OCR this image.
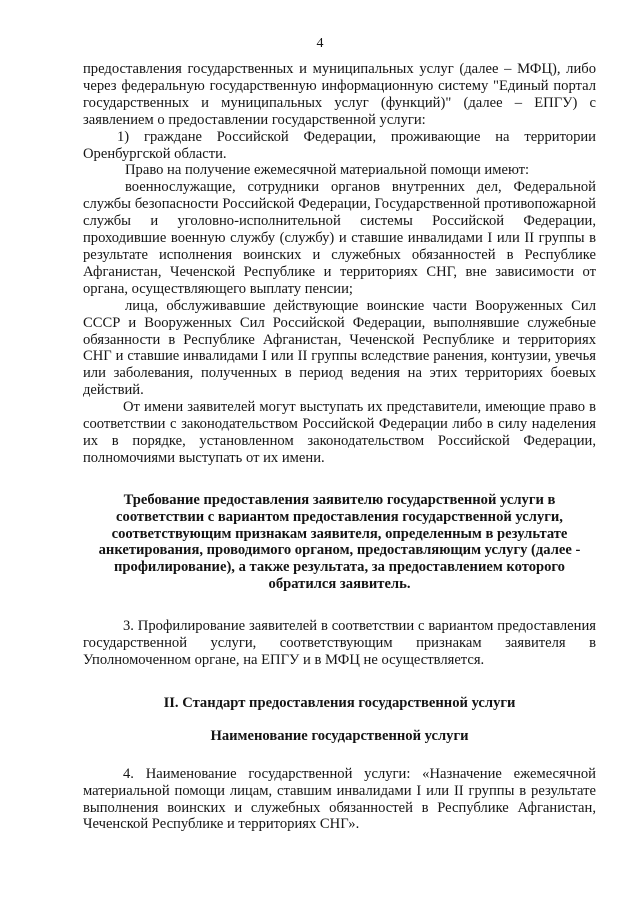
4

предоставления государственных и муниципальных услуг (далее – МФЦ), либо через федеральную государственную информационную систему "Единый портал государственных и муниципальных услуг (функций)" (далее – ЕПГУ) с заявлением о предоставлении государственной услуги:

1) граждане Российской Федерации, проживающие на территории Оренбургской области.

Право на получение ежемесячной материальной помощи имеют:

военнослужащие, сотрудники органов внутренних дел, Федеральной службы безопасности Российской Федерации, Государственной противопожарной службы и уголовно-исполнительной системы Российской Федерации, проходившие военную службу (службу) и ставшие инвалидами I или II группы в результате исполнения воинских и служебных обязанностей в Республике Афганистан, Чеченской Республике и территориях СНГ, вне зависимости от органа, осуществляющего выплату пенсии;

лица, обслуживавшие действующие воинские части Вооруженных Сил СССР и Вооруженных Сил Российской Федерации, выполнявшие служебные обязанности в Республике Афганистан, Чеченской Республике и территориях СНГ и ставшие инвалидами I или II группы вследствие ранения, контузии, увечья или заболевания, полученных в период ведения на этих территориях боевых действий.

От имени заявителей могут выступать их представители, имеющие право в соответствии с законодательством Российской Федерации либо в силу наделения их в порядке, установленном законодательством Российской Федерации, полномочиями выступать от их имени.

Требование предоставления заявителю государственной услуги в соответствии с вариантом предоставления государственной услуги, соответствующим признакам заявителя, определенным в результате анкетирования, проводимого органом, предоставляющим услугу (далее - профилирование), а также результата, за предоставлением которого обратился заявитель.

3. Профилирование заявителей в соответствии с вариантом предоставления государственной услуги, соответствующим признакам заявителя в Уполномоченном органе, на ЕПГУ и в МФЦ не осуществляется.

II. Стандарт предоставления государственной услуги

Наименование государственной услуги

4. Наименование государственной услуги: «Назначение ежемесячной материальной помощи лицам, ставшим инвалидами I или II группы в результате выполнения воинских и служебных обязанностей в Республике Афганистан, Чеченской Республике и территориях СНГ».
